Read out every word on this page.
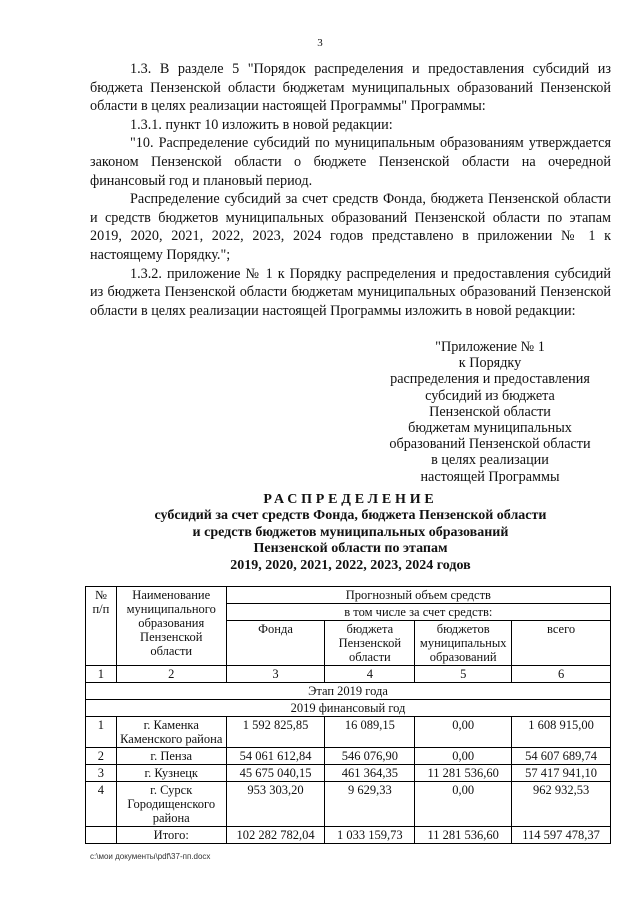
3

1.3. В разделе 5 "Порядок распределения и предоставления субсидий из бюджета Пензенской области бюджетам муниципальных образований Пензенской области в целях реализации настоящей Программы" Программы:

1.3.1. пункт 10 изложить в новой редакции:

"10. Распределение субсидий по муниципальным образованиям утверждается законом Пензенской области о бюджете Пензенской области на очередной финансовый год и плановый период.

Распределение субсидий за счет средств Фонда, бюджета Пензенской области и средств бюджетов муниципальных образований Пензенской области по этапам 2019, 2020, 2021, 2022, 2023, 2024 годов представлено в приложении № 1 к настоящему Порядку.";

1.3.2. приложение № 1 к Порядку распределения и предоставления субсидий из бюджета Пензенской области бюджетам муниципальных образований Пензенской области в целях реализации настоящей Программы изложить в новой редакции:

"Приложение № 1
к Порядку
распределения и предоставления
субсидий из бюджета
Пензенской области
бюджетам муниципальных
образований Пензенской области
в целях реализации
настоящей Программы
РАСПРЕДЕЛЕНИЕ
субсидий за счет средств Фонда, бюджета Пензенской области
и средств бюджетов муниципальных образований
Пензенской области по этапам
2019, 2020, 2021, 2022, 2023, 2024 годов
№ п/п	Наименование муниципального образования Пензенской области	Прогнозный объем средств			
		в том числе за счет средств:			
		Фонда	бюджета Пензенской области	бюджетов муниципальных образований	всего
1	2	3	4	5	6
Этап 2019 года					
2019 финансовый год					
1	г. Каменка Каменского района	1 592 825,85	16 089,15	0,00	1 608 915,00
2	г. Пенза	54 061 612,84	546 076,90	0,00	54 607 689,74
3	г. Кузнецк	45 675 040,15	461 364,35	11 281 536,60	57 417 941,10
4	г. Сурск Городищенского района	953 303,20	9 629,33	0,00	962 932,53
	Итого:	102 282 782,04	1 033 159,73	11 281 536,60	114 597 478,37
c:\мои документы\pdf\37-пп.docx
